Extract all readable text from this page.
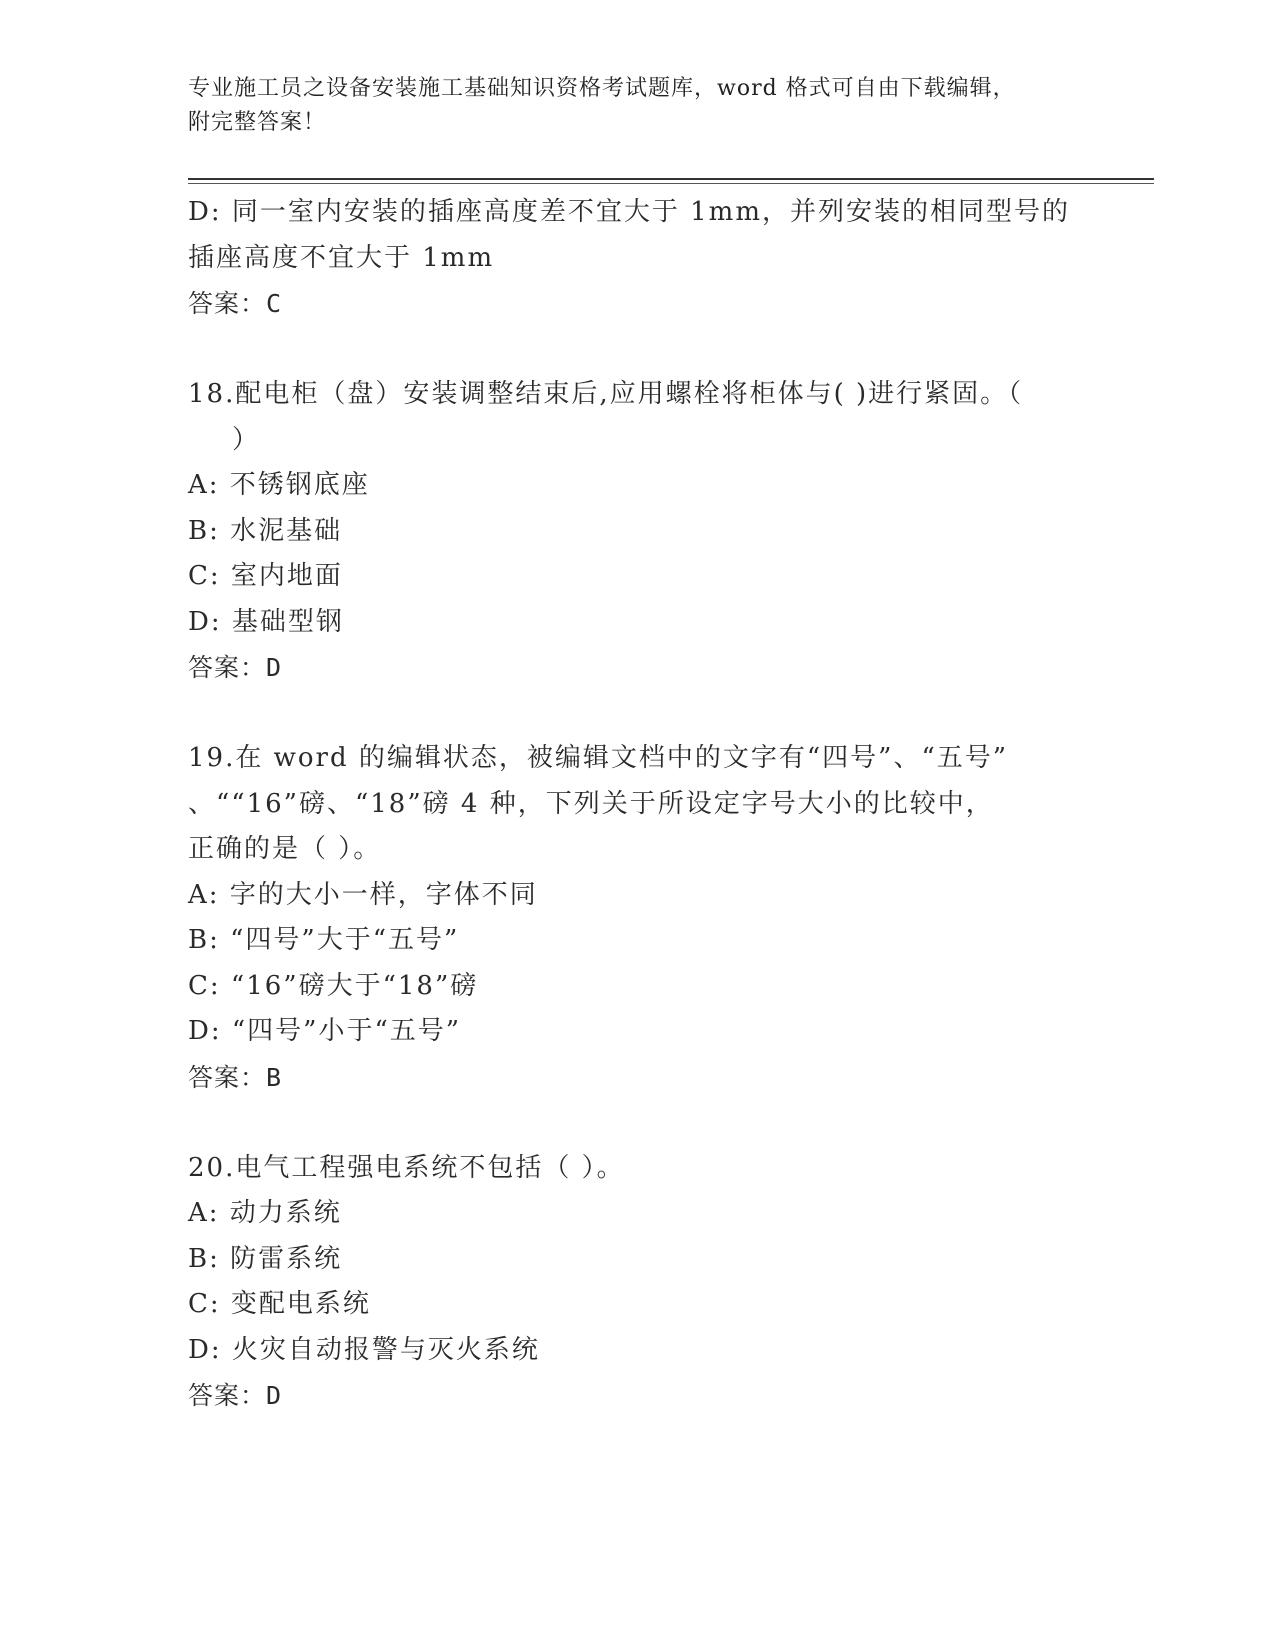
专业施工员之设备安装施工基础知识资格考试题库，word 格式可自由下载编辑，
附完整答案！
D: 同一室内安装的插座高度差不宜大于 1mm，并列安装的相同型号的
插座高度不宜大于 1mm
答案：C
18.配电柜（盘）安装调整结束后,应用螺栓将柜体与( )进行紧固。（
）
A: 不锈钢底座
B: 水泥基础
C: 室内地面
D: 基础型钢
答案：D
19.在 word 的编辑状态，被编辑文档中的文字有“四号”、“五号”
、““16”磅、“18”磅 4 种，下列关于所设定字号大小的比较中，
正确的是（ ）。
A: 字的大小一样，字体不同
B: “四号”大于“五号”
C: “16”磅大于“18”磅
D: “四号”小于“五号”
答案：B
20.电气工程强电系统不包括（ ）。
A: 动力系统
B: 防雷系统
C: 变配电系统
D: 火灾自动报警与灭火系统
答案：D
